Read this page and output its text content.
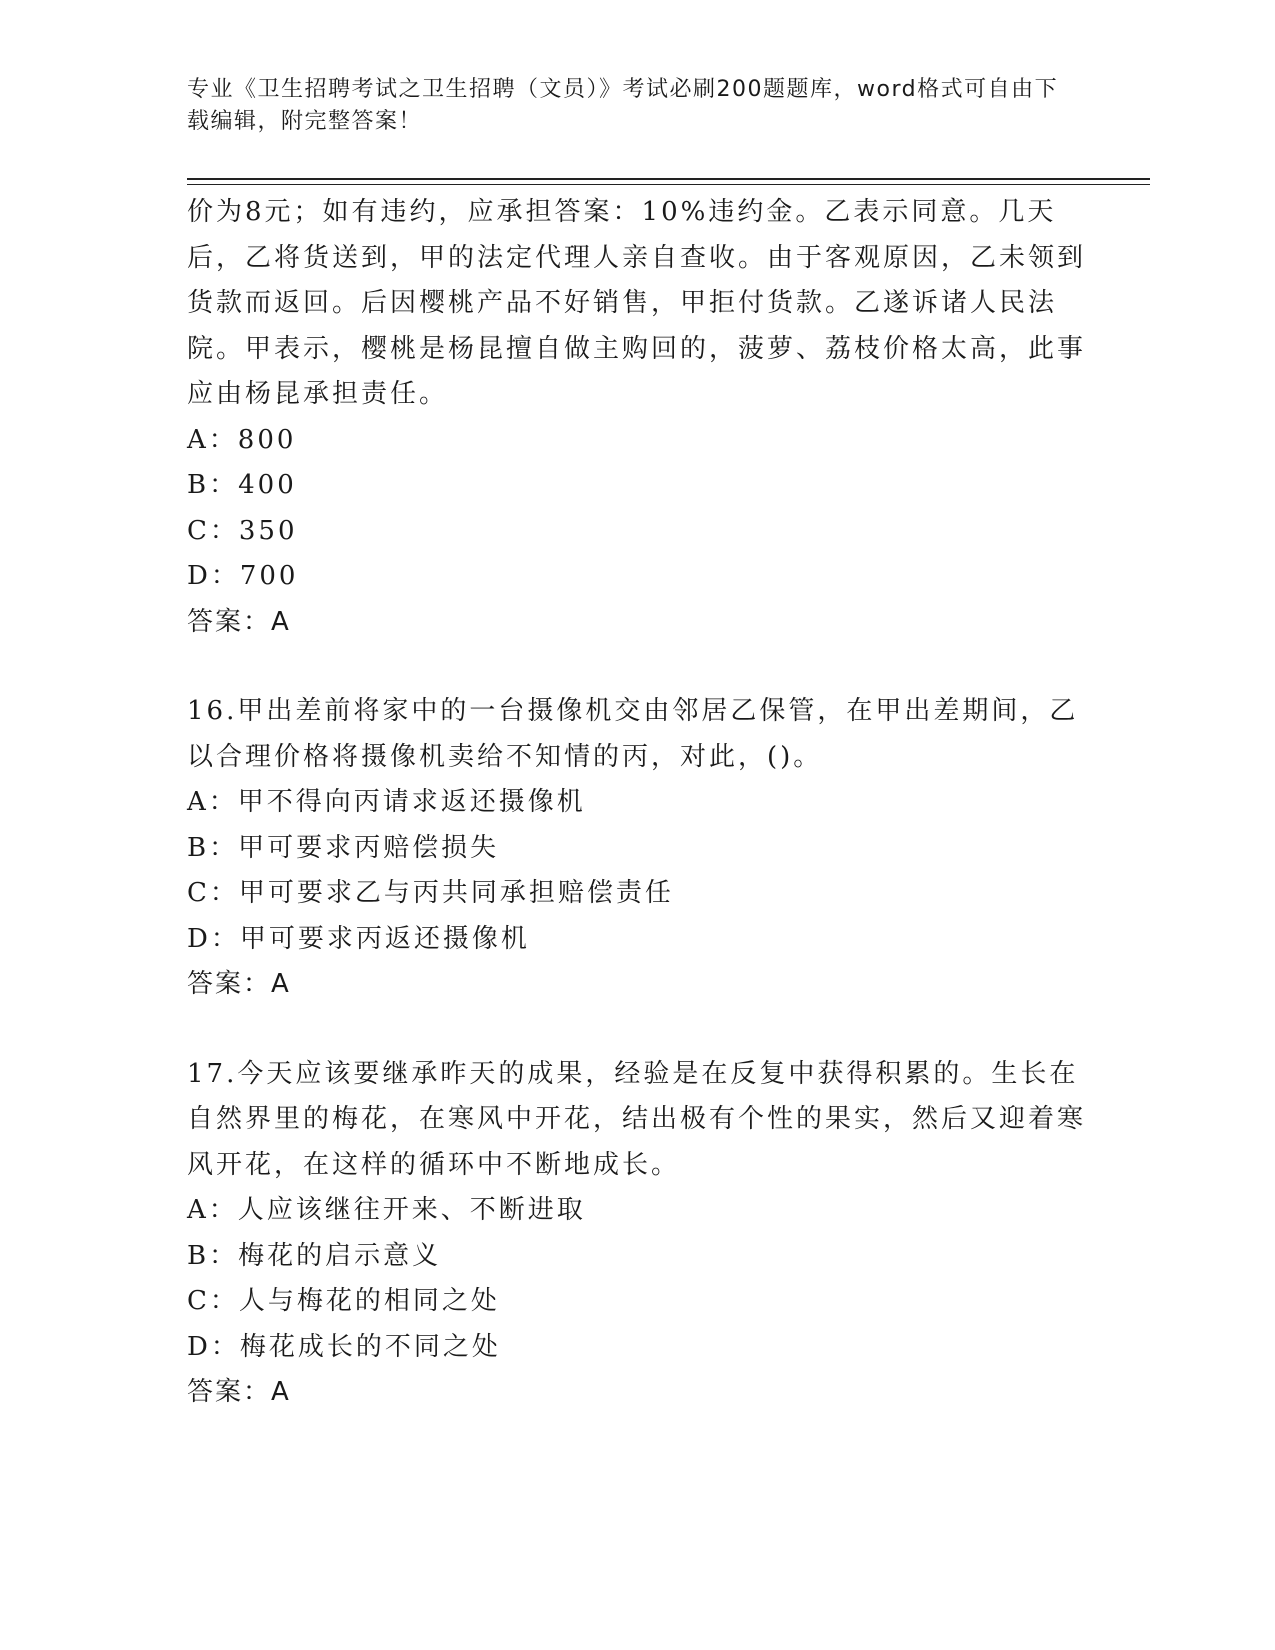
专业《卫生招聘考试之卫生招聘（文员）》考试必刷200题题库，word格式可自由下载编辑，附完整答案！

价为8元；如有违约，应承担答案：10%违约金。乙表示同意。几天后，乙将货送到，甲的法定代理人亲自查收。由于客观原因，乙未领到货款而返回。后因樱桃产品不好销售，甲拒付货款。乙遂诉诸人民法院。甲表示，樱桃是杨昆擅自做主购回的，菠萝、荔枝价格太高，此事应由杨昆承担责任。

A：800

B：400

C：350

D：700

答案：A

16.甲出差前将家中的一台摄像机交由邻居乙保管，在甲出差期间，乙以合理价格将摄像机卖给不知情的丙，对此，()。

A：甲不得向丙请求返还摄像机

B：甲可要求丙赔偿损失

C：甲可要求乙与丙共同承担赔偿责任

D：甲可要求丙返还摄像机

答案：A

17.今天应该要继承昨天的成果，经验是在反复中获得积累的。生长在自然界里的梅花，在寒风中开花，结出极有个性的果实，然后又迎着寒风开花，在这样的循环中不断地成长。

A：人应该继往开来、不断进取

B：梅花的启示意义

C：人与梅花的相同之处

D：梅花成长的不同之处

答案：A
